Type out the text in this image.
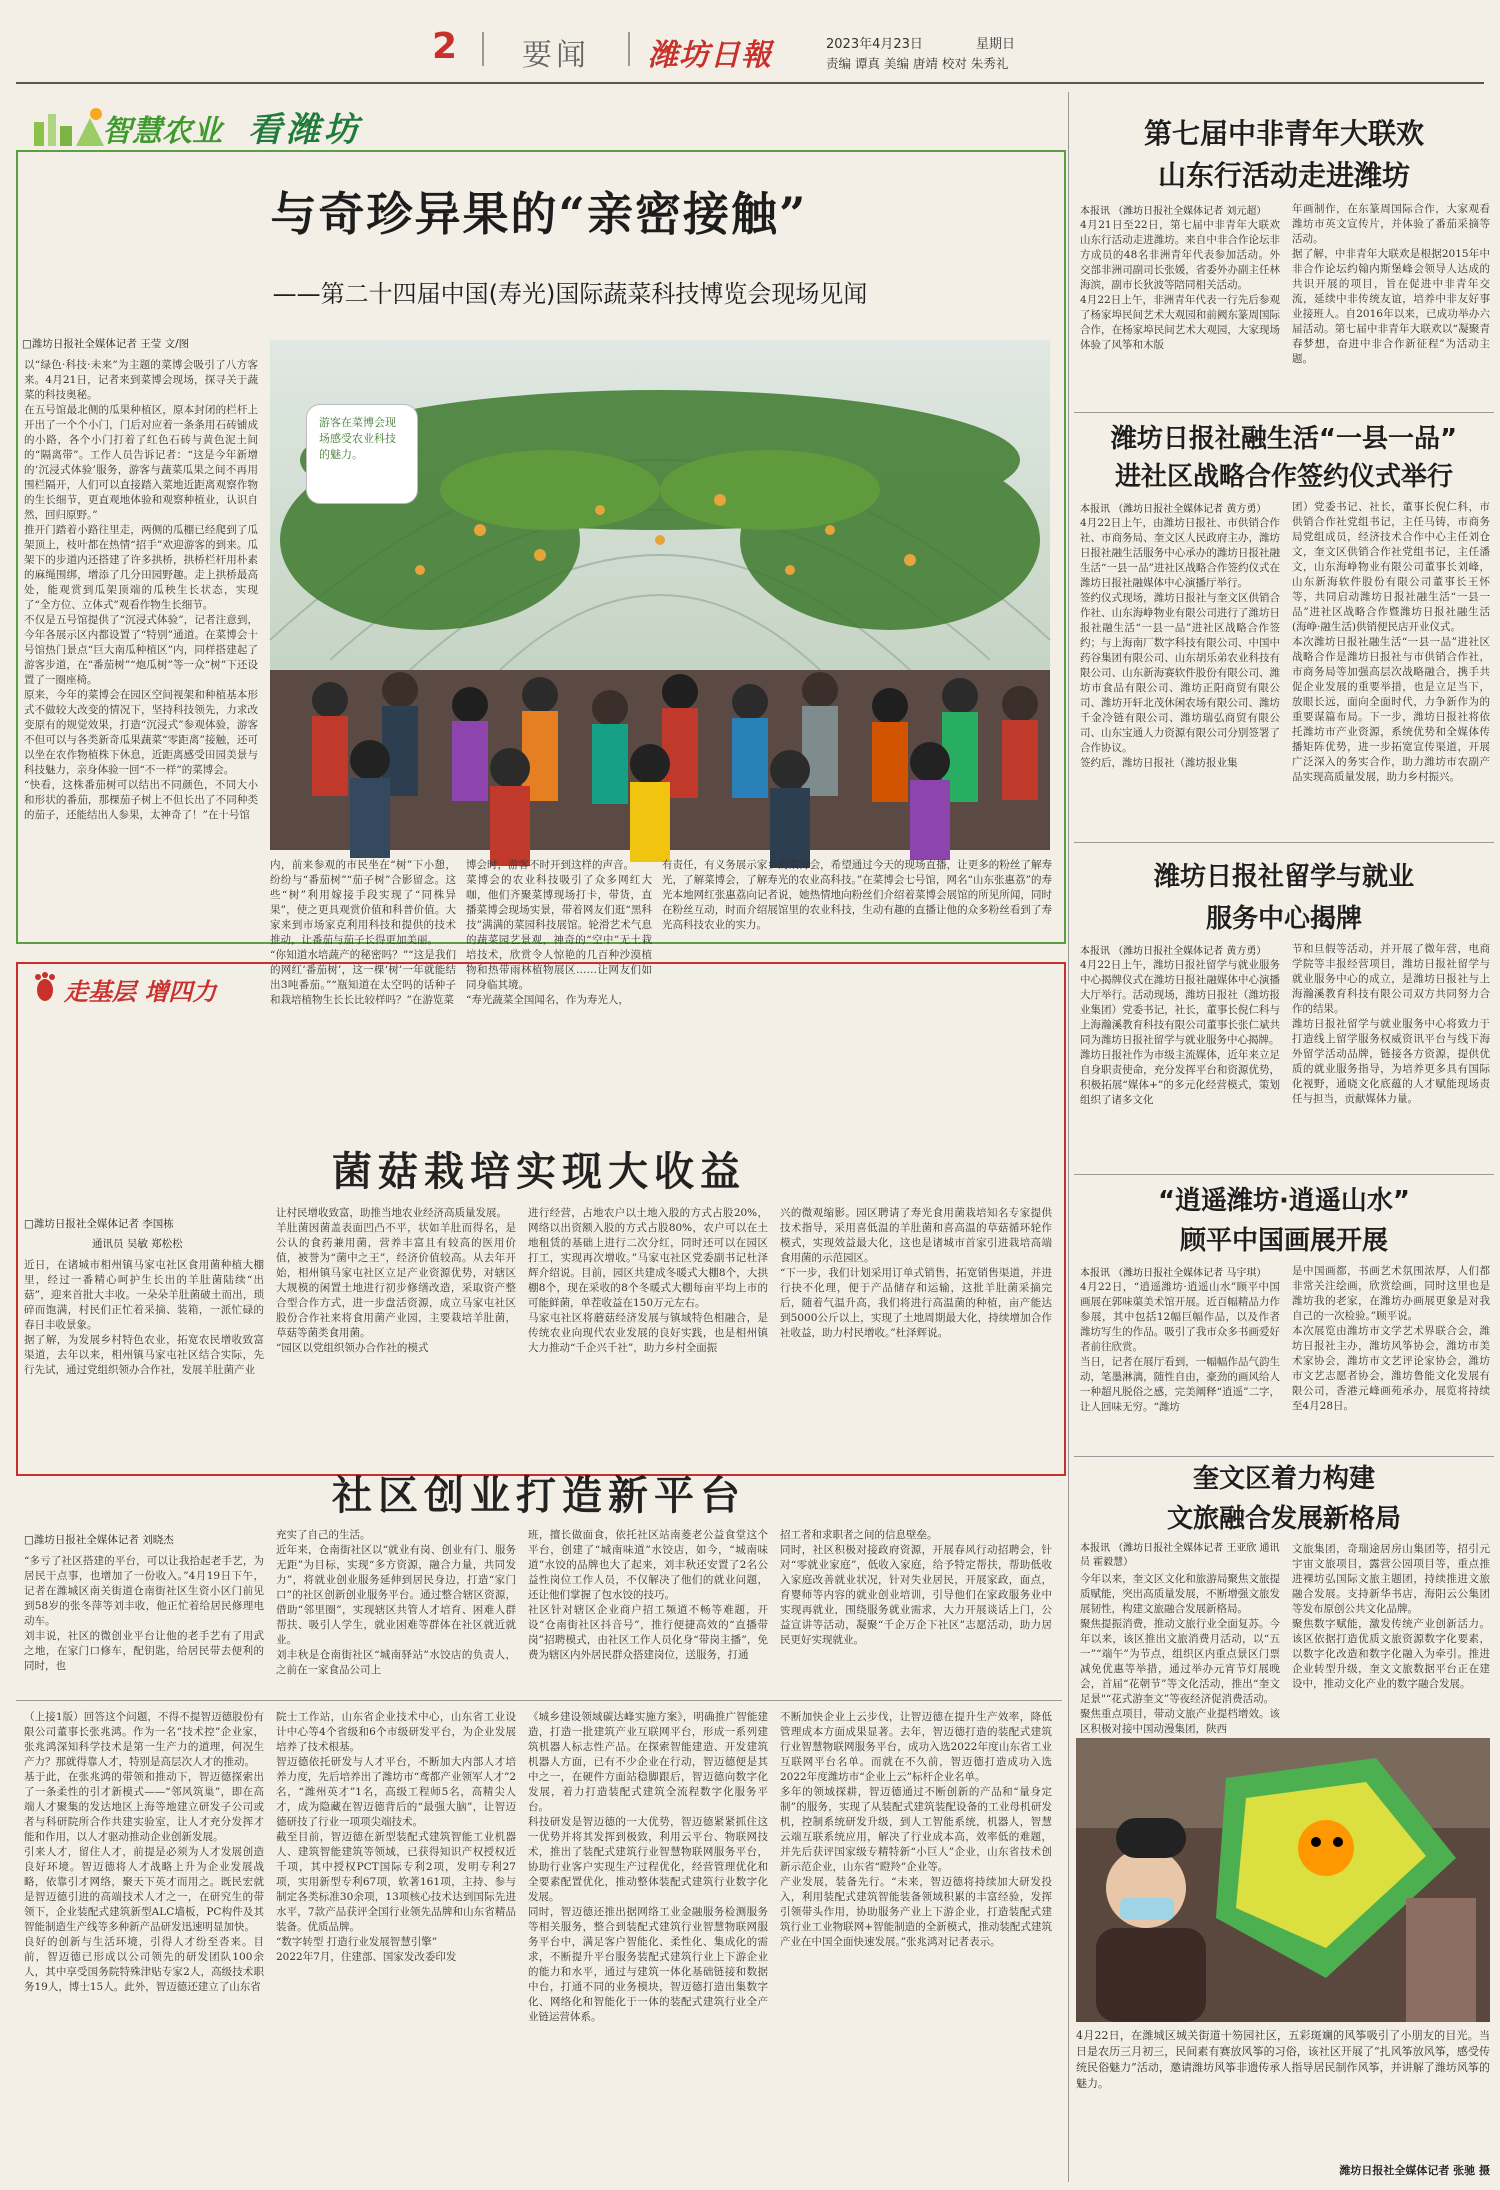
2 要闻 潍坊日報	2023年4月23日	星期日
责编 谭真 美编 唐靖 校对 朱秀礼
智慧农业 看潍坊
与奇珍异果的“亲密接触”
——第二十四届中国(寿光)国际蔬菜科技博览会现场见闻
□潍坊日报社全媒体记者 王莹 文/图
以“绿色·科技·未来”为主题的菜博会吸引了八方客来。4月21日，记者来到菜博会现场，探寻关于蔬菜的科技奥秘。
在五号馆最北侧的瓜果种植区，原本封闭的栏杆上开出了一个个小门，门后对应着一条条用石砖铺成的小路，各个小门打着了红色石砖与黄色泥土间的“隔离带”。工作人员告诉记者：“这是今年新增的‘沉浸式体验’服务，游客与蔬菜瓜果之间不再用围栏隔开，人们可以直接踏入菜地近距离观察作物的生长细节，更直观地体验和观察种植业，认识自然，回归原野。”
推开门踏着小路往里走，两侧的瓜棚已经爬到了瓜架顶上，枝叶都在热情“招手”欢迎游客的到来。瓜架下的步道内还搭建了许多拱桥，拱桥栏杆用朴素的麻绳围绑，增添了几分田园野趣。走上拱桥最高处，能观赏到瓜架顶端的瓜秧生长状态，实现了“全方位、立体式”观看作物生长细节。
不仅是五号馆提供了“沉浸式体验”，记者注意到，今年各展示区内都设置了“特别”通道。在菜博会十号馆热门景点“巨大南瓜种植区”内，同样搭建起了游客步道，在“番茄树”“炮瓜树”等一众“树”下还设置了一圈座椅。
原来，今年的菜博会在园区空间视架和种植基本形式不做较大改变的情况下，坚持科技领先，力求改变原有的规觉效果，打造“沉浸式”参观体验，游客不但可以与各类新奇瓜果蔬菜“零距离”接触，还可以坐在农作物植株下休息，近距离感受田园美景与科技魅力，亲身体验一回“不一样”的菜博会。
“快看，这株番茄树可以结出不同颜色，不同大小和形状的番茄，那棵茄子树上不但长出了不同种类的茄子，还能结出人参果，太神奇了！”在十号馆
游客在菜博会现场感受农业科技的魅力。
内，前来参观的市民坐在“树”下小憩，纷纷与“番茄树”“茄子树”合影留念。这些“树”利用嫁接手段实现了“同株异果”，使之更具观赏价值和科普价值。大家来到市场家克利用科技和提供的技术推动，让番茄与茄子长得更加美丽。
“你知道水培蔬产的秘密吗？”“这是我们的网红‘番茄树’，这一棵‘树’一年就能结出3吨番茄。”“瓶知道在太空吗的话种子和栽培植物生长长比较样吗？”在游览菜
博会时，游客不时开到这样的声音。
菜博会的农业科技吸引了众多网红大咖，他们齐聚菜博现场打卡，带货，直播菜博会现场实景，带着网友们逛“黑科技”满满的菜园科技展馆。轮滑艺术气息的蔬菜园艺景观，神奇的“空中”无土栽培技术，欣赏令人惊艳的几百种沙漠植物和热带雨林植物展区……让网友们如同身临其境。
“寿光蔬菜全国闻名，作为寿光人，
有责任，有义务展示家乡的菜博会，希望通过今天的现场直播，让更多的粉丝了解寿光，了解菜博会，了解寿光的农业高科技。”在菜博会七号馆，网名“山东张惠荔”的寿光本地网红张惠荔向记者说，她热情地向粉丝们介绍着菜博会展馆的所见所闻，同时在粉丝互动，时而介绍展馆里的农业科技，生动有趣的直播让他的众多粉丝看到了寿光高科技农业的实力。
走基层 增四力
菌菇栽培实现大收益
□潍坊日报社全媒体记者 李国栋
通讯员 吴敏 郑松松
近日，在诸城市相州镇马家屯社区食用菌种植大棚里，经过一番精心呵护生长出的羊肚菌陆续“出菇”，迎来首批大丰收。一朵朵羊肚菌破土而出，琐碎而饱满，村民们正忙着采摘、装箱，一派忙碌的春日丰收景象。
据了解，为发展乡村特色农业，拓宽农民增收致富渠道，去年以来，相州镇马家屯社区结合实际，先行先试，通过党组织领办合作社，发展羊肚菌产业
让村民增收致富，助推当地农业经济高质量发展。
羊肚菌因菌盖表面凹凸不平，状如羊肚而得名，是公认的食药兼用菌，营养丰富且有较高的医用价值，被誉为“菌中之王”，经济价值较高。从去年开始，相州镇马家屯社区立足产业资源优势，对辖区大规模的闲置土地进行初步修缮改造，采取资产整合型合作方式，进一步盘活资源，成立马家屯社区股份合作社来将食用菌产业园，主要栽培羊肚菌，草菇等菌类食用菌。
“园区以党组织领办合作社的模式
进行经营，占地农户以土地入股的方式占股20%，网络以出资额入股的方式占股80%，农户可以在土地租赁的基础上进行二次分红，同时还可以在园区打工，实现再次增收。”马家屯社区党委副书记杜泽辉介绍说。目前，园区共建成冬暖式大棚8个，大拱棚8个，现在采收的8个冬暖式大棚每亩平均上市的可能鲜菌，单茬收益在150万元左右。
马家屯社区将蘑菇经济发展与镇域特色相融合，是传统农业向现代农业发展的良好实践，也是相州镇大力推动“千企兴千社”，助力乡村全面振
兴的微观缩影。园区聘请了寿光食用菌栽培知名专家提供技术指导，采用喜低温的羊肚菌和喜高温的草菇循环轮作模式，实现效益最大化，这也是诸城市首家引进栽培高端食用菌的示范园区。
“下一步，我们计划采用订单式销售，拓宽销售渠道，并进行抉不化理，便于产品储存和运输，这批羊肚菌采摘完后，随着气温升高，我们将进行高温菌的种植，亩产能达到5000公斤以上，实现了土地周期最大化，持续增加合作社收益，助力村民增收。”杜泽辉说。
社区创业打造新平台
□潍坊日报社全媒体记者 刘晓杰
“多亏了社区搭建的平台，可以让我拾起老手艺，为居民干点事，也增加了一份收入。”4月19日下午，记者在潍城区南关街道仓南街社区生资小区门前见到58岁的张冬萍等刘丰收，他正忙着给居民修理电动车。
刘丰说，社区的微创业平台让他的老手艺有了用武之地，在家门口修车，配钥匙，给居民带去便利的同时，也
充实了自己的生活。
近年来，仓南街社区以“就业有岗、创业有门、服务无距”为目标，实现“多方资源，融合力量，共同发力”，将就业创业服务延伸到居民身边，打造“家门口”的社区创新创业服务平台。通过整合辖区资源，借助“邻里圈”，实现辖区共管人才培育、困难人群帮扶、吸引人学生，就业困难等群体在社区就近就业。
刘丰秋是仓南街社区“城南驿站”水饺店的负责人，之前在一家食品公司上
班，擅长做面食，依托社区站南菱老公益食堂这个平台，创建了“城南味道”水饺店，如今，“城南味道”水饺的品牌也大了起来，刘丰秋还安置了2名公益性岗位工作人员，不仅解决了他们的就业问题，还让他们掌握了包水饺的技巧。
社区针对辖区企业商户招工频道不畅等难题，开设“仓南街社区抖音号”，推行便捷高效的“直播带岗”招聘模式，由社区工作人员化身“带岗主播”，免费为辖区内外居民群众搭建岗位，送服务，打通
招工者和求职者之间的信息壁垒。
同时，社区积极对接政府资源，开展春风行动招聘会，针对“零就业家庭”，低收入家庭，给予特定帮扶，帮助低收入家庭改善就业状况，针对失业居民，开展家政，面点，育婴师等内容的就业创业培训，引导他们在家政服务业中实现再就业，围绕服务就业需求，大力开展谈话上门，公益宣讲等活动，凝聚“千企万企下社区”志愿活动，助力居民更好实现就业。
（上接1版）回答这个问题，不得不提智迈德股份有限公司董事长张兆鸿。作为一名“技术控”企业家，张兆鸿深知科学技术是第一生产力的道理，何况生产力？那就得靠人才，特别是高层次人才的推动。
基于此，在张兆鸿的带领和推动下，智迈德探索出了一条柔性的引才新模式——“邻风筑巢”，即在高端人才聚集的发达地区上海等地建立研发子公司或者与科研院所合作共建实验室，让人才充分发挥才能和作用，以人才驱动推动企业创新发展。
引来人才，留住人才，前提是必须为人才发展创造良好环境。智迈德将人才战略上升为企业发展战略，依靠引才网络，聚天下英才而用之。既民宏就是智迈德引进的高端技术人才之一，在研究生的带领下，企业装配式建筑新型ALC墙板，PC构件及其智能制造生产线等多种新产品研发迅速明显加快。
良好的创新与生活环境，引得人才纷至沓来。目前，智迈德已形成以公司领先的研发团队100余人，其中享受国务院特殊津贴专家2人，高级技术职务19人，博士15人。此外，智迈德还建立了山东省
院士工作站，山东省企业技术中心，山东省工业设计中心等4个省级和6个市级研发平台，为企业发展培养了技术根基。
智迈德依托研发与人才平台，不断加大内部人才培养力度，先后培养出了潍坊市“鸢都产业领军人才”2名，“潍州英才”1名，高级工程师5名，高精尖人才，成为隐藏在智迈德背后的“最强大脑”，让智迈德研技了行业一项项尖端技术。
截至目前，智迈德在新型装配式建筑智能工业机器人、建筑智能建筑等领域，已获得知识产权授权近千项，其中授权PCT国际专利2项，发明专利27项，实用新型专利67项，软著161项，主持、参与制定各类标准30余项，13项核心技术达到国际先进水平，7款产品获评全国行业领先品牌和山东省精品装备。优质品牌。
“数字转型 打造行业发展智慧引擎”
2022年7月，住建部、国家发改委印发
《城乡建设领域碳达峰实施方案》，明确推广智能建造，打造一批建筑产业互联网平台，形成一系列建筑机器人标志性产品。在探索智能建造、开发建筑机器人方面，已有不少企业在行动，智迈德便是其中之一，在硬件方面站稳脚跟后，智迈德向数字化发展，着力打造装配式建筑全流程数字化服务平台。
科技研发是智迈德的一大优势，智迈德紧紧抓住这一优势并将其发挥到极致，利用云平台、物联网技术，推出了装配式建筑行业智慧物联网服务平台，协助行业客户实现生产过程优化，经营管理优化和全要素配置优化，推动整体装配式建筑行业数字化发展。
同时，智迈德还推出据网络工业金融服务检测服务等相关服务，整合到装配式建筑行业智慧物联网服务平台中，满足客户智能化、柔性化、集成化的需求，不断提升平台服务装配式建筑行业上下游企业的能力和水平，通过与建筑一体化基础链接和数据中台，打通不同的业务模块，智迈德打造出集数字化、网络化和智能化于一体的装配式建筑行业全产业链运营体系。
不断加快企业上云步伐，让智迈德在提升生产效率，降低管理成本方面成果显著。去年，智迈德打造的装配式建筑行业智慧物联网服务平台，成功入选2022年度山东省工业互联网平台名单。而就在不久前，智迈德打造成功入选2022年度潍坊市“企业上云”标杆企业名单。
多年的领域探耕，智迈德通过不断创新的产品和“量身定制”的服务，实现了从装配式建筑装配设备的工业母机研发机，控制系统研发升级，到人工智能系统，机器人，智慧云端互联系统应用，解决了行业成本高，效率低的难题，并先后获评国家级专精特新“小巨人”企业，山东省技术创新示范企业，山东省“瞪羚”企业等。
产业发展，装备先行。“未来，智迈德将持续加大研发投入，利用装配式建筑智能装备领域积累的丰富经验，发挥引领带头作用，协助服务产业上下游企业，打造装配式建筑行业工业物联网+智能制造的全新模式，推动装配式建筑产业在中国全面快速发展。”张兆鸿对记者表示。
第七届中非青年大联欢
山东行活动走进潍坊
本报讯 （潍坊日报社全媒体记者 刘元超）
4月21日至22日，第七届中非青年大联欢山东行活动走进潍坊。来自中非合作论坛非方成员的48名非洲青年代表参加活动。外交部非洲司副司长张媛，省委外办副主任林海滨，副市长狄波等陪同相关活动。
4月22日上午，非洲青年代表一行先后参观了杨家埠民间艺术大观园和前阙东篆周国际合作，在杨家埠民间艺术大观园，大家现场体验了风筝和木版
年画制作，在东篆周国际合作，大家观看潍坊市英文宣传片，并体验了番茄采摘等活动。
据了解，中非青年大联欢是根据2015年中非合作论坛约翰内斯堡峰会领导人达成的共识开展的项目，旨在促进中非青年交流，延续中非传统友谊，培养中非友好事业接班人。自2016年以来，已成功举办六届活动。第七届中非青年大联欢以“凝聚青春梦想，奋进中非合作新征程”为活动主题。
潍坊日报社融生活“一县一品”
进社区战略合作签约仪式举行
本报讯 （潍坊日报社全媒体记者 黄方勇）
4月22日上午，由潍坊日报社、市供销合作社、市商务局、奎文区人民政府主办，潍坊日报社融生活服务中心承办的潍坊日报社融生活“一县一品”进社区战略合作签约仪式在潍坊日报社融媒体中心演播厅举行。
签约仪式现场，潍坊日报社与奎文区供销合作社、山东海峥物业有限公司进行了潍坊日报社融生活“一县一品”进社区战略合作签约；与上海南厂数字科技有限公司、中国中药谷集团有限公司、山东胡乐弟农业科技有限公司、山东新海赛软件股份有限公司、潍坊市食品有限公司、潍坊正阳商贸有限公司、潍坊开轩北茂休闲农场有限公司、潍坊千金冷链有限公司、潍坊瑞弘商贸有限公司、山东宝通人力资源有限公司分别签署了合作协议。
签约后，潍坊日报社（潍坊报业集
团）党委书记、社长，董事长倪仁科，市供销合作社党组书记，主任马铸，市商务局党组成员，经济技术合作中心主任刘仓文，奎文区供销合作社党组书记，主任潘文，山东海峥物业有限公司董事长刘峰，山东新海软件股份有限公司董事长王怀等，共同启动潍坊日报社融生活“一县一品”进社区战略合作暨潍坊日报社融生活(海峥·融生活)供销便民店开业仪式。
本次潍坊日报社融生活“一县一品”进社区战略合作是潍坊日报社与市供销合作社，市商务局等加强高层次战略融合，携手共促企业发展的重要举措，也是立足当下，放眼长远，面向全面时代，力争新作为的重要谋篇布局。下一步，潍坊日报社将依托潍坊市产业资源，系统优势和全媒体传播矩阵优势，进一步拓宽宣传渠道，开展广泛深入的务实合作，助力潍坊市农副产品实现高质量发展，助力乡村振兴。
潍坊日报社留学与就业
服务中心揭牌
本报讯 （潍坊日报社全媒体记者 黄方勇）
4月22日上午，潍坊日报社留学与就业服务中心揭牌仪式在潍坊日报社融媒体中心演播大厅举行。活动现场，潍坊日报社（潍坊报业集团）党委书记，社长，董事长倪仁科与上海瀚溪教育科技有限公司董事长张仁斌共同为潍坊日报社留学与就业服务中心揭牌。
潍坊日报社作为市级主流媒体，近年来立足自身职责使命，充分发挥平台和资源优势，积极拓展“媒体+”的多元化经营模式，策划组织了诸多文化
节和旦假等活动，并开展了微年营，电商学院等丰报经营项目，潍坊日报社留学与就业服务中心的成立，是潍坊日报社与上海瀚溪教育科技有限公司双方共同努力合作的结果。
潍坊日报社留学与就业服务中心将致力于打造线上留学服务权威资讯平台与线下海外留学活动品牌，链接各方资源，提供优质的就业服务指导，为培养更多具有国际化视野，通晓文化底蕴的人才赋能现场责任与担当，贡献媒体力量。
“逍遥潍坊·逍遥山水”
顾平中国画展开展
本报讯 （潍坊日报社全媒体记者 马宇琪）
4月22日，“逍遥潍坊·逍遥山水”顾平中国画展在郭味蕖美术馆开展。近百幅精品力作参展，其中包括12幅巨幅作品，以及作者潍坊写生的作品。吸引了我市众多书画爱好者前往欣赏。
当日，记者在展厅看到，一幅幅作品气韵生动，笔墨淋漓，随性自由，豪劲的画风给人一种超凡脱俗之感，完美阐释“逍遥”二字，让人回味无穷。“潍坊
是中国画都，书画艺术氛围浓厚，人们都非常关注绘画，欣赏绘画，同时这里也是潍坊我的老家，在潍坊办画展更象是对我自己的一次检验。”顾平说。
本次展览由潍坊市文学艺术界联合会，潍坊日报社主办，潍坊风筝协会，潍坊市美术家协会，潍坊市文艺评论家协会，潍坊市文艺志愿者协会，潍坊鲁能文化发展有限公司，香港元峰画苑承办，展览将持续至4月28日。
奎文区着力构建
文旅融合发展新格局
本报讯 （潍坊日报社全媒体记者 王亚欣 通讯员 霍毅慧）
今年以来，奎文区文化和旅游局聚焦文旅提质赋能，突出高质量发展，不断增强文旅发展韧性，构建文旅融合发展新格局。
聚焦提振消费，推动文旅行业全面复苏。今年以来，该区推出文旅消费月活动，以“五一”“端午”为节点，组织区内重点景区门票减免优惠等举措，通过举办元宵节灯展晚会，首届“花朝节”等文化活动，推出“奎文足景"“花式游奎文”等夜经济促消费活动。
聚焦重点项目，带动文旅产业提档增效。该区积极对接中国动漫集团，陕西
文旅集团，奇瑞途居房山集团等，招引元宇宙文旅项目，露营公园项目等，重点推进裸坊弘国际文旅主题团，持续推进文旅融合发展。支持新华书店，海阳云公集团等发布原创公共文化品牌。
聚焦数字赋能，激发传统产业创新活力。该区依据打造优质文旅资源数字化要素，以数字化改造和数字化融入为牵引。推进企业转型升级，奎文文旅数据平台正在建设中，推动文化产业的数字融合发展。
4月22日，在潍城区城关街道十笏园社区，五彩斑斓的风筝吸引了小朋友的目光。当日是农历三月初三，民间素有赛放风筝的习俗，该社区开展了“扎风筝放风筝，感受传统民俗魅力”活动，邀请潍坊风筝非遗传承人指导居民制作风筝，并讲解了潍坊风筝的魅力。
潍坊日报社全媒体记者 张驰 摄
